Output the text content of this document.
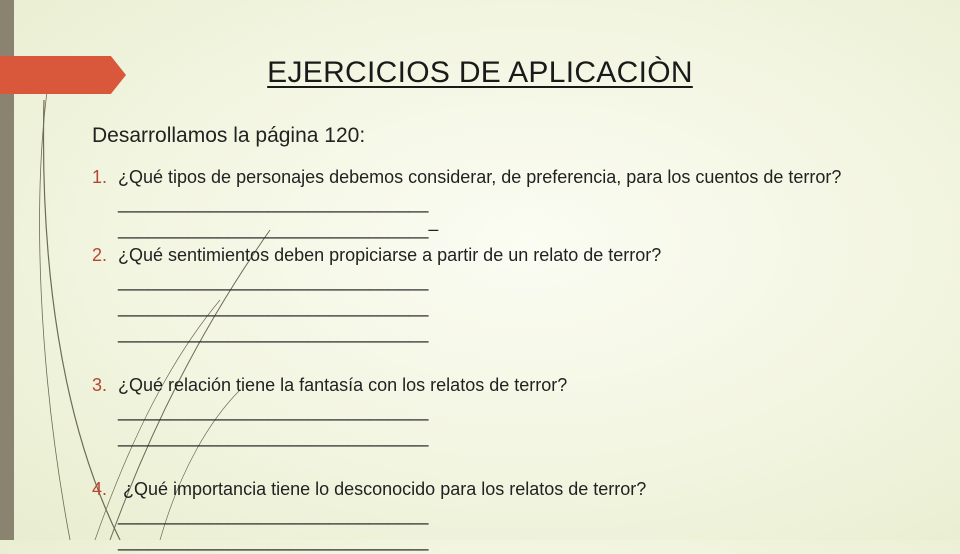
EJERCICIOS DE APLICACIÒN

Desarrollamos la página 120:

1. ¿Qué tipos de personajes debemos considerar, de preferencia, para los cuentos de terror? _______________________________
_______________________________–
2. ¿Qué sentimientos deben propiciarse a partir de un relato de terror?
_______________________________
_______________________________
_______________________________
3. ¿Qué relación tiene la fantasía con los relatos de terror?
_______________________________
_______________________________
4. ¿Qué importancia tiene lo desconocido para los relatos de terror?
_______________________________
_______________________________
